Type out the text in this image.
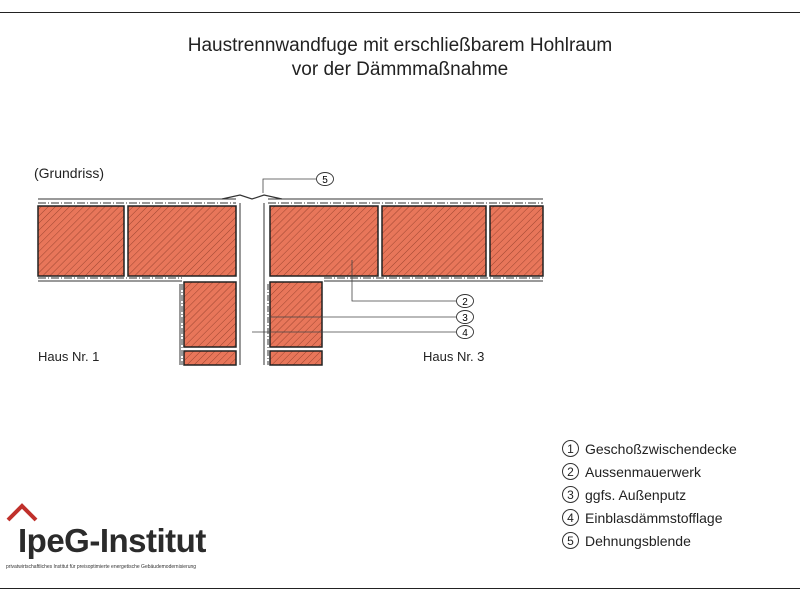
Haustrennwandfuge mit erschließbarem Hohlraum
vor der Dämmmaßnahme
5
2
3
4
(Grundriss)
Haus Nr. 1	Haus Nr. 3
1 Geschoßzwischendecke
2 Aussenmauerwerk
3 ggfs. Außenputz
4 Einblasdämmstofflage
5 Dehnungsblende
IpeG-Institut
privatwirtschaftliches Institut für preisoptimierte energetische Gebäudemodernisierung
